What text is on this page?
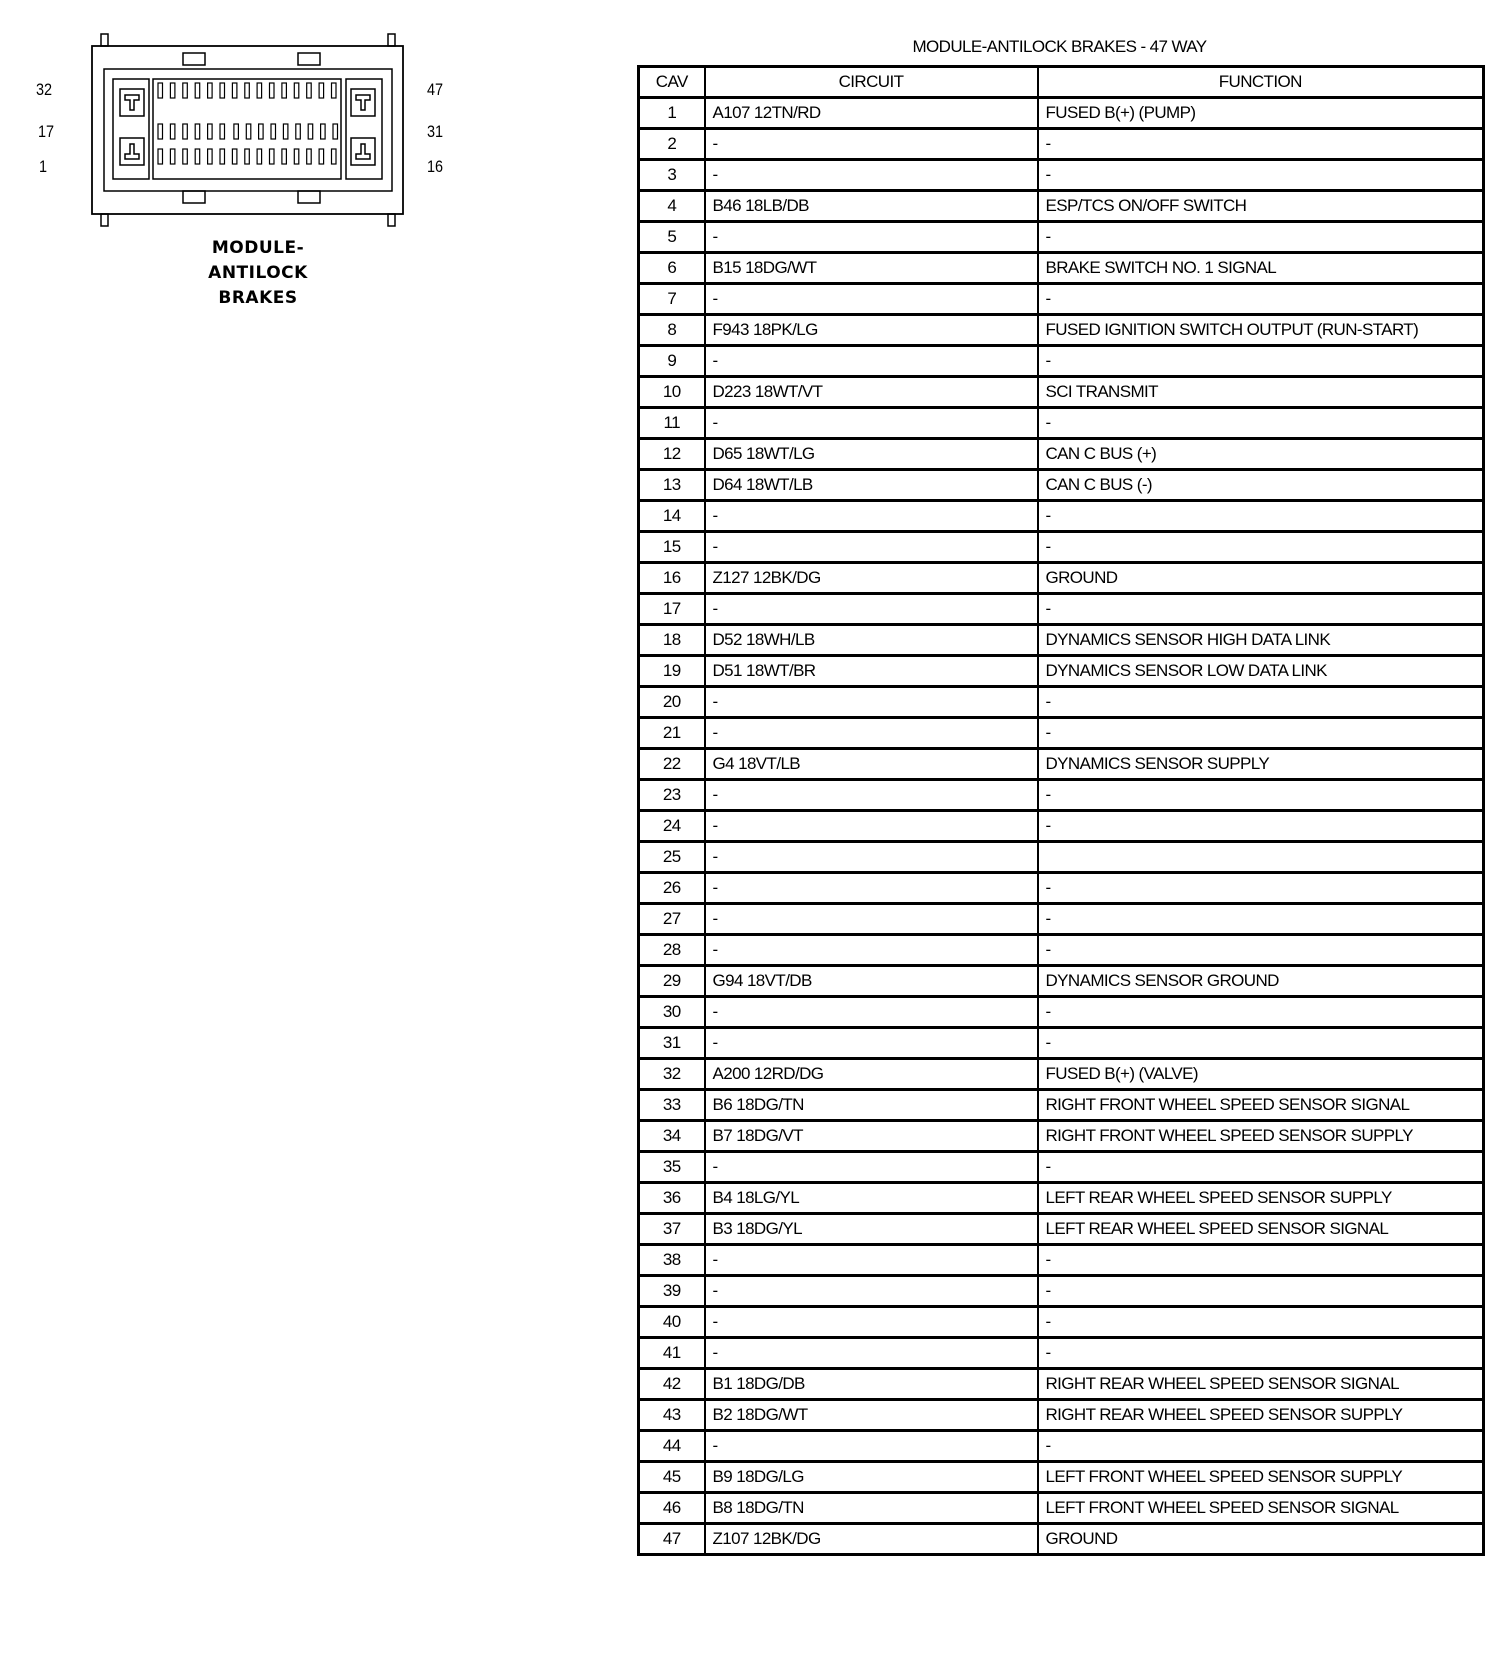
32
17
1
47
31
16
MODULE-
ANTILOCK
BRAKES
MODULE-ANTILOCK BRAKES - 47 WAY
CAV	CIRCUIT	FUNCTION
1	A107 12TN/RD	FUSED B(+) (PUMP)
2	-	-
3	-	-
4	B46 18LB/DB	ESP/TCS ON/OFF SWITCH
5	-	-
6	B15 18DG/WT	BRAKE SWITCH NO. 1 SIGNAL
7	-	-
8	F943 18PK/LG	FUSED IGNITION SWITCH OUTPUT (RUN-START)
9	-	-
10	D223 18WT/VT	SCI TRANSMIT
11	-	-
12	D65 18WT/LG	CAN C BUS (+)
13	D64 18WT/LB	CAN C BUS (-)
14	-	-
15	-	-
16	Z127 12BK/DG	GROUND
17	-	-
18	D52 18WH/LB	DYNAMICS SENSOR HIGH DATA LINK
19	D51 18WT/BR	DYNAMICS SENSOR LOW DATA LINK
20	-	-
21	-	-
22	G4 18VT/LB	DYNAMICS SENSOR SUPPLY
23	-	-
24	-	-
25	-	
26	-	-
27	-	-
28	-	-
29	G94 18VT/DB	DYNAMICS SENSOR GROUND
30	-	-
31	-	-
32	A200 12RD/DG	FUSED B(+) (VALVE)
33	B6 18DG/TN	RIGHT FRONT WHEEL SPEED SENSOR SIGNAL
34	B7 18DG/VT	RIGHT FRONT WHEEL SPEED SENSOR SUPPLY
35	-	-
36	B4 18LG/YL	LEFT REAR WHEEL SPEED SENSOR SUPPLY
37	B3 18DG/YL	LEFT REAR WHEEL SPEED SENSOR SIGNAL
38	-	-
39	-	-
40	-	-
41	-	-
42	B1 18DG/DB	RIGHT REAR WHEEL SPEED SENSOR SIGNAL
43	B2 18DG/WT	RIGHT REAR WHEEL SPEED SENSOR SUPPLY
44	-	-
45	B9 18DG/LG	LEFT FRONT WHEEL SPEED SENSOR SUPPLY
46	B8 18DG/TN	LEFT FRONT WHEEL SPEED SENSOR SIGNAL
47	Z107 12BK/DG	GROUND
